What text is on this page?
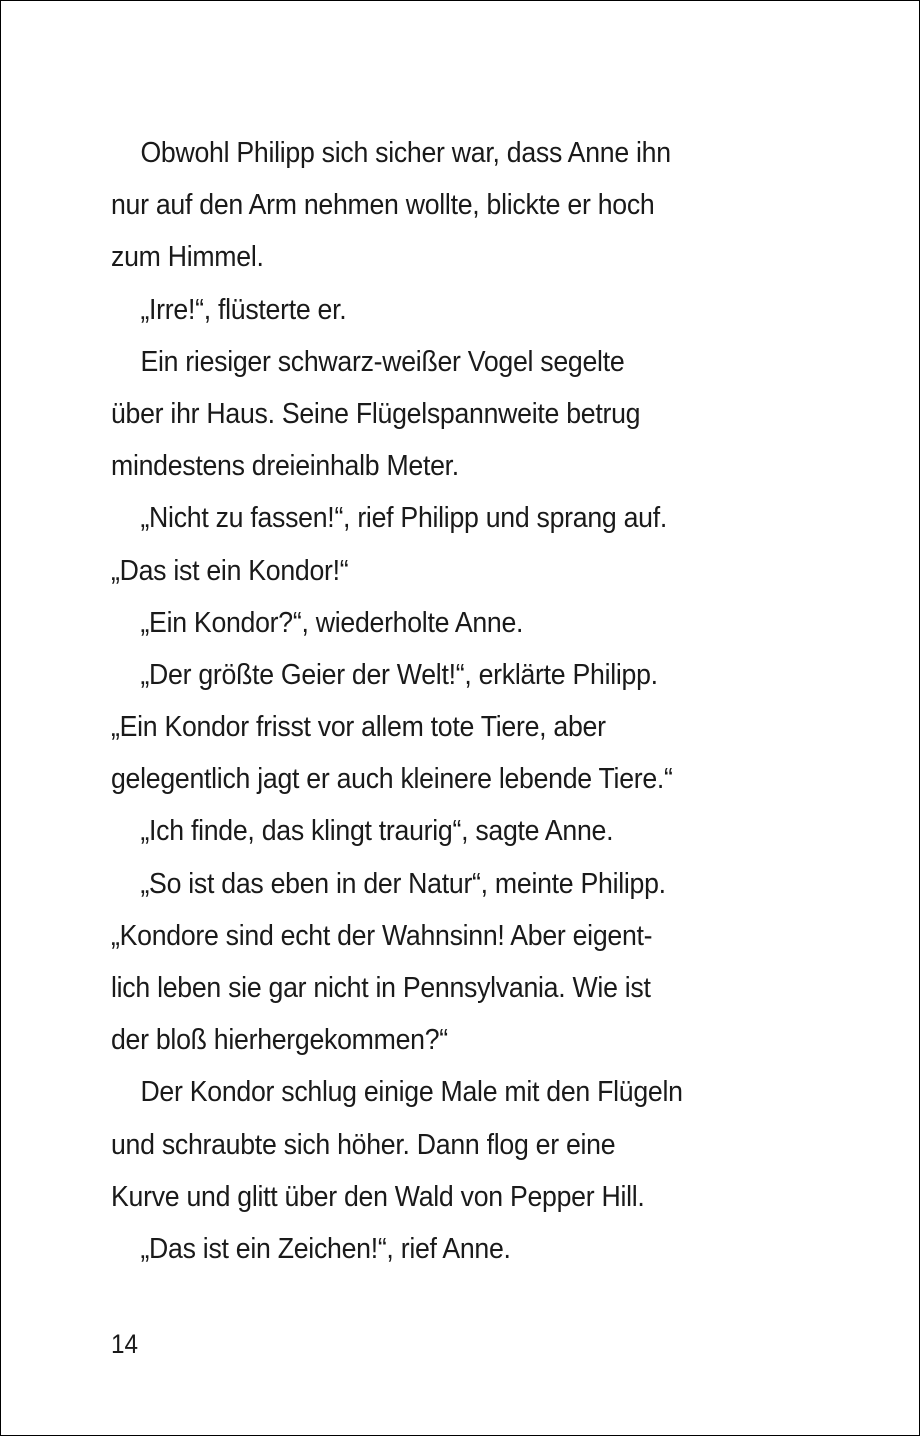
Obwohl Philipp sich sicher war, dass Anne ihn
nur auf den Arm nehmen wollte, blickte er hoch
zum Himmel.
„Irre!“, flüsterte er.
Ein riesiger schwarz-weißer Vogel segelte
über ihr Haus. Seine Flügelspannweite betrug
mindestens dreieinhalb Meter.
„Nicht zu fassen!“, rief Philipp und sprang auf.
„Das ist ein Kondor!“
„Ein Kondor?“, wiederholte Anne.
„Der größte Geier der Welt!“, erklärte Philipp.
„Ein Kondor frisst vor allem tote Tiere, aber
gelegentlich jagt er auch kleinere lebende Tiere.“
„Ich finde, das klingt traurig“, sagte Anne.
„So ist das eben in der Natur“, meinte Philipp.
„Kondore sind echt der Wahnsinn! Aber eigent-
lich leben sie gar nicht in Pennsylvania. Wie ist
der bloß hierhergekommen?“
Der Kondor schlug einige Male mit den Flügeln
und schraubte sich höher. Dann flog er eine
Kurve und glitt über den Wald von Pepper Hill.
„Das ist ein Zeichen!“, rief Anne.
14
